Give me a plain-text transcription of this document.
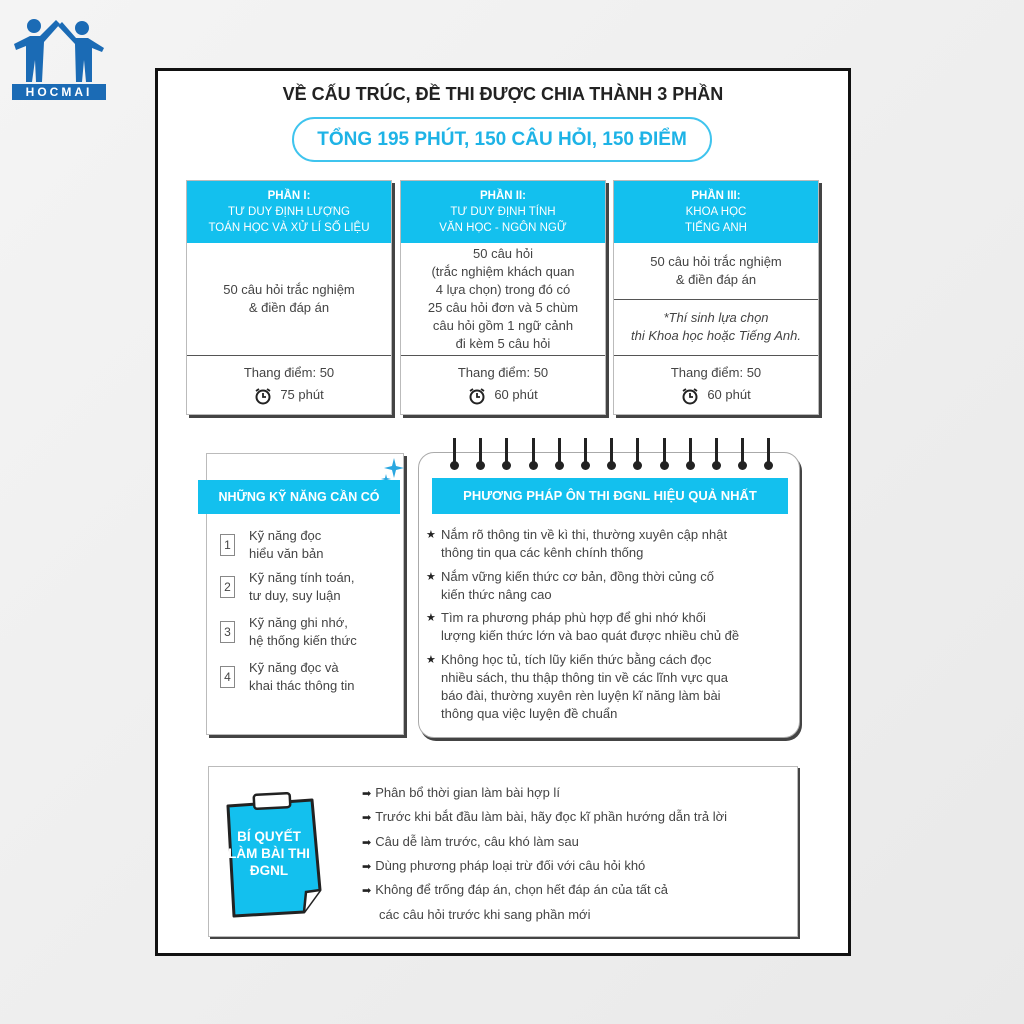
HOCMAI	VỀ CẤU TRÚC, ĐỀ THI ĐƯỢC CHIA THÀNH 3 PHẦN
TỔNG 195 PHÚT, 150 CÂU HỎI, 150 ĐIỂM
PHẦN I:
TƯ DUY ĐỊNH LƯỢNG
TOÁN HỌC VÀ XỬ LÍ SỐ LIỆU
50 câu hỏi trắc nghiệm
& điền đáp án
Thang điểm: 50
75 phút
PHẦN II:
TƯ DUY ĐỊNH TÍNH
VĂN HỌC - NGÔN NGỮ
50 câu hỏi
(trắc nghiệm khách quan
4 lựa chọn) trong đó có
25 câu hỏi đơn và 5 chùm
câu hỏi gồm 1 ngữ cảnh
đi kèm 5 câu hỏi
Thang điểm: 50
60 phút
PHẦN III:
KHOA HỌC
TIẾNG ANH
50 câu hỏi trắc nghiệm
& điền đáp án
*Thí sinh lựa chọn
thi Khoa học hoặc Tiếng Anh.
Thang điểm: 50
60 phút
NHỮNG KỸ NĂNG CẦN CÓ
1
Kỹ năng đọc
hiểu văn bản
2
Kỹ năng tính toán,
tư duy, suy luận
3
Kỹ năng ghi nhớ,
hệ thống kiến thức
4
Kỹ năng đọc và
khai thác thông tin
PHƯƠNG PHÁP ÔN THI ĐGNL HIỆU QUẢ NHẤT
★ Nắm rõ thông tin về kì thi, thường xuyên cập nhật
thông tin qua các kênh chính thống
★ Nắm vững kiến thức cơ bản, đồng thời củng cố
kiến thức nâng cao
★ Tìm ra phương pháp phù hợp để ghi nhớ khối
lượng kiến thức lớn và bao quát được nhiều chủ đề
★ Không học tủ, tích lũy kiến thức bằng cách đọc
nhiều sách, thu thập thông tin về các lĩnh vực qua
báo đài, thường xuyên rèn luyện kĩ năng làm bài
thông qua việc luyện đề chuẩn
BÍ QUYẾT
LÀM BÀI THI
ĐGNL
➡ Phân bổ thời gian làm bài hợp lí
➡ Trước khi bắt đầu làm bài, hãy đọc kĩ phần hướng dẫn trả lời
➡ Câu dễ làm trước, câu khó làm sau
➡ Dùng phương pháp loại trừ đối với câu hỏi khó
➡ Không để trống đáp án, chọn hết đáp án của tất cả
các câu hỏi trước khi sang phần mới
